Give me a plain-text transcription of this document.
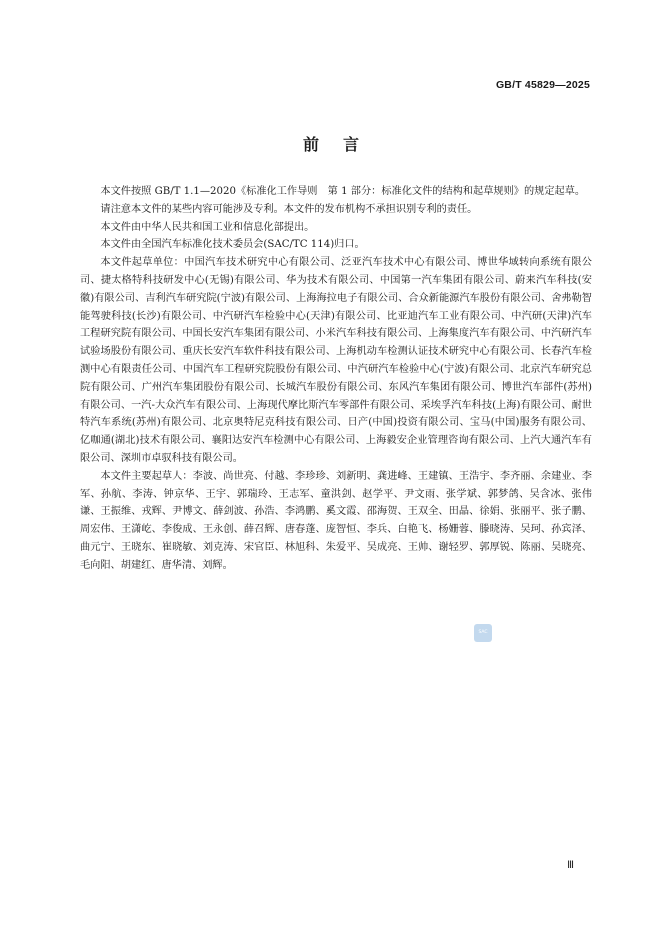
GB/T 45829—2025
前言

本文件按照 GB/T 1.1—2020《标准化工作导则　第 1 部分：标准化文件的结构和起草规则》的规定起草。

请注意本文件的某些内容可能涉及专利。本文件的发布机构不承担识别专利的责任。

本文件由中华人民共和国工业和信息化部提出。

本文件由全国汽车标准化技术委员会(SAC/TC 114)归口。

本文件起草单位：中国汽车技术研究中心有限公司、泛亚汽车技术中心有限公司、博世华域转向系统有限公司、捷太格特科技研发中心(无锡)有限公司、华为技术有限公司、中国第一汽车集团有限公司、蔚来汽车科技(安徽)有限公司、吉利汽车研究院(宁波)有限公司、上海海拉电子有限公司、合众新能源汽车股份有限公司、舍弗勒智能驾驶科技(长沙)有限公司、中汽研汽车检验中心(天津)有限公司、比亚迪汽车工业有限公司、中汽研(天津)汽车工程研究院有限公司、中国长安汽车集团有限公司、小米汽车科技有限公司、上海集度汽车有限公司、中汽研汽车试验场股份有限公司、重庆长安汽车软件科技有限公司、上海机动车检测认证技术研究中心有限公司、长春汽车检测中心有限责任公司、中国汽车工程研究院股份有限公司、中汽研汽车检验中心(宁波)有限公司、北京汽车研究总院有限公司、广州汽车集团股份有限公司、长城汽车股份有限公司、东风汽车集团有限公司、博世汽车部件(苏州)有限公司、一汽-大众汽车有限公司、上海现代摩比斯汽车零部件有限公司、采埃孚汽车科技(上海)有限公司、耐世特汽车系统(苏州)有限公司、北京奥特尼克科技有限公司、日产(中国)投资有限公司、宝马(中国)服务有限公司、亿咖通(湖北)技术有限公司、襄阳达安汽车检测中心有限公司、上海毅安企业管理咨询有限公司、上汽大通汽车有限公司、深圳市卓驭科技有限公司。

本文件主要起草人：李波、尚世亮、付越、李珍珍、刘新明、龚进峰、王建镇、王浩宇、李齐丽、余建业、李军、孙航、李涛、钟京华、王宇、郭瑞玲、王志军、童洪剑、赵学平、尹文雨、张学斌、郭梦鸽、吴含冰、张伟谦、王振维、戎辉、尹博文、薛剑波、孙浩、李鸿鹏、奚文霞、邵海贺、王双全、田晶、徐娟、张丽平、张子鹏、周宏伟、王潇屹、李俊成、王永创、薛召辉、唐春蓬、庞智恒、李兵、白艳飞、杨姗蓉、滕晓涛、吴珂、孙宾泽、曲元宁、王晓东、崔晓敏、刘克涛、宋官臣、林旭科、朱爱平、吴成亮、王帅、谢轻罗、郭厚锐、陈丽、吴晓亮、毛向阳、胡建红、唐华清、刘辉。

SAC
Ⅲ
